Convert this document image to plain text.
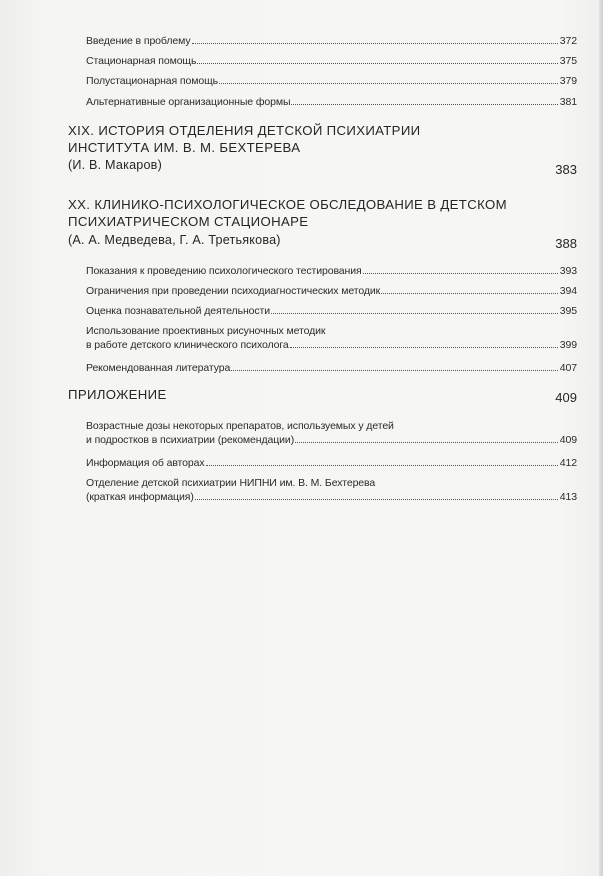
Введение в проблему	372
Стационарная помощь	375
Полустационарная помощь	379
Альтернативные организационные формы	381
XIX. ИСТОРИЯ ОТДЕЛЕНИЯ ДЕТСКОЙ ПСИХИАТРИИ
ИНСТИТУТА ИМ. В. М. БЕХТЕРЕВА
(И. В. Макаров)	383
XX. КЛИНИКО-ПСИХОЛОГИЧЕСКОЕ ОБСЛЕДОВАНИЕ В ДЕТСКОМ
ПСИХИАТРИЧЕСКОМ СТАЦИОНАРЕ
(А. А. Медведева, Г. А. Третьякова)	388
Показания к проведению психологического тестирования	393
Ограничения при проведении психодиагностических методик	394
Оценка познавательной деятельности	395
Использование проективных рисуночных методик
в работе детского клинического психолога	399
Рекомендованная литература	407
ПРИЛОЖЕНИЕ	409
Возрастные дозы некоторых препаратов, используемых у детей
и подростков в психиатрии (рекомендации)	409
Информация об авторах	412
Отделение детской психиатрии НИПНИ им. В. М. Бехтерева
(краткая информация)	413
